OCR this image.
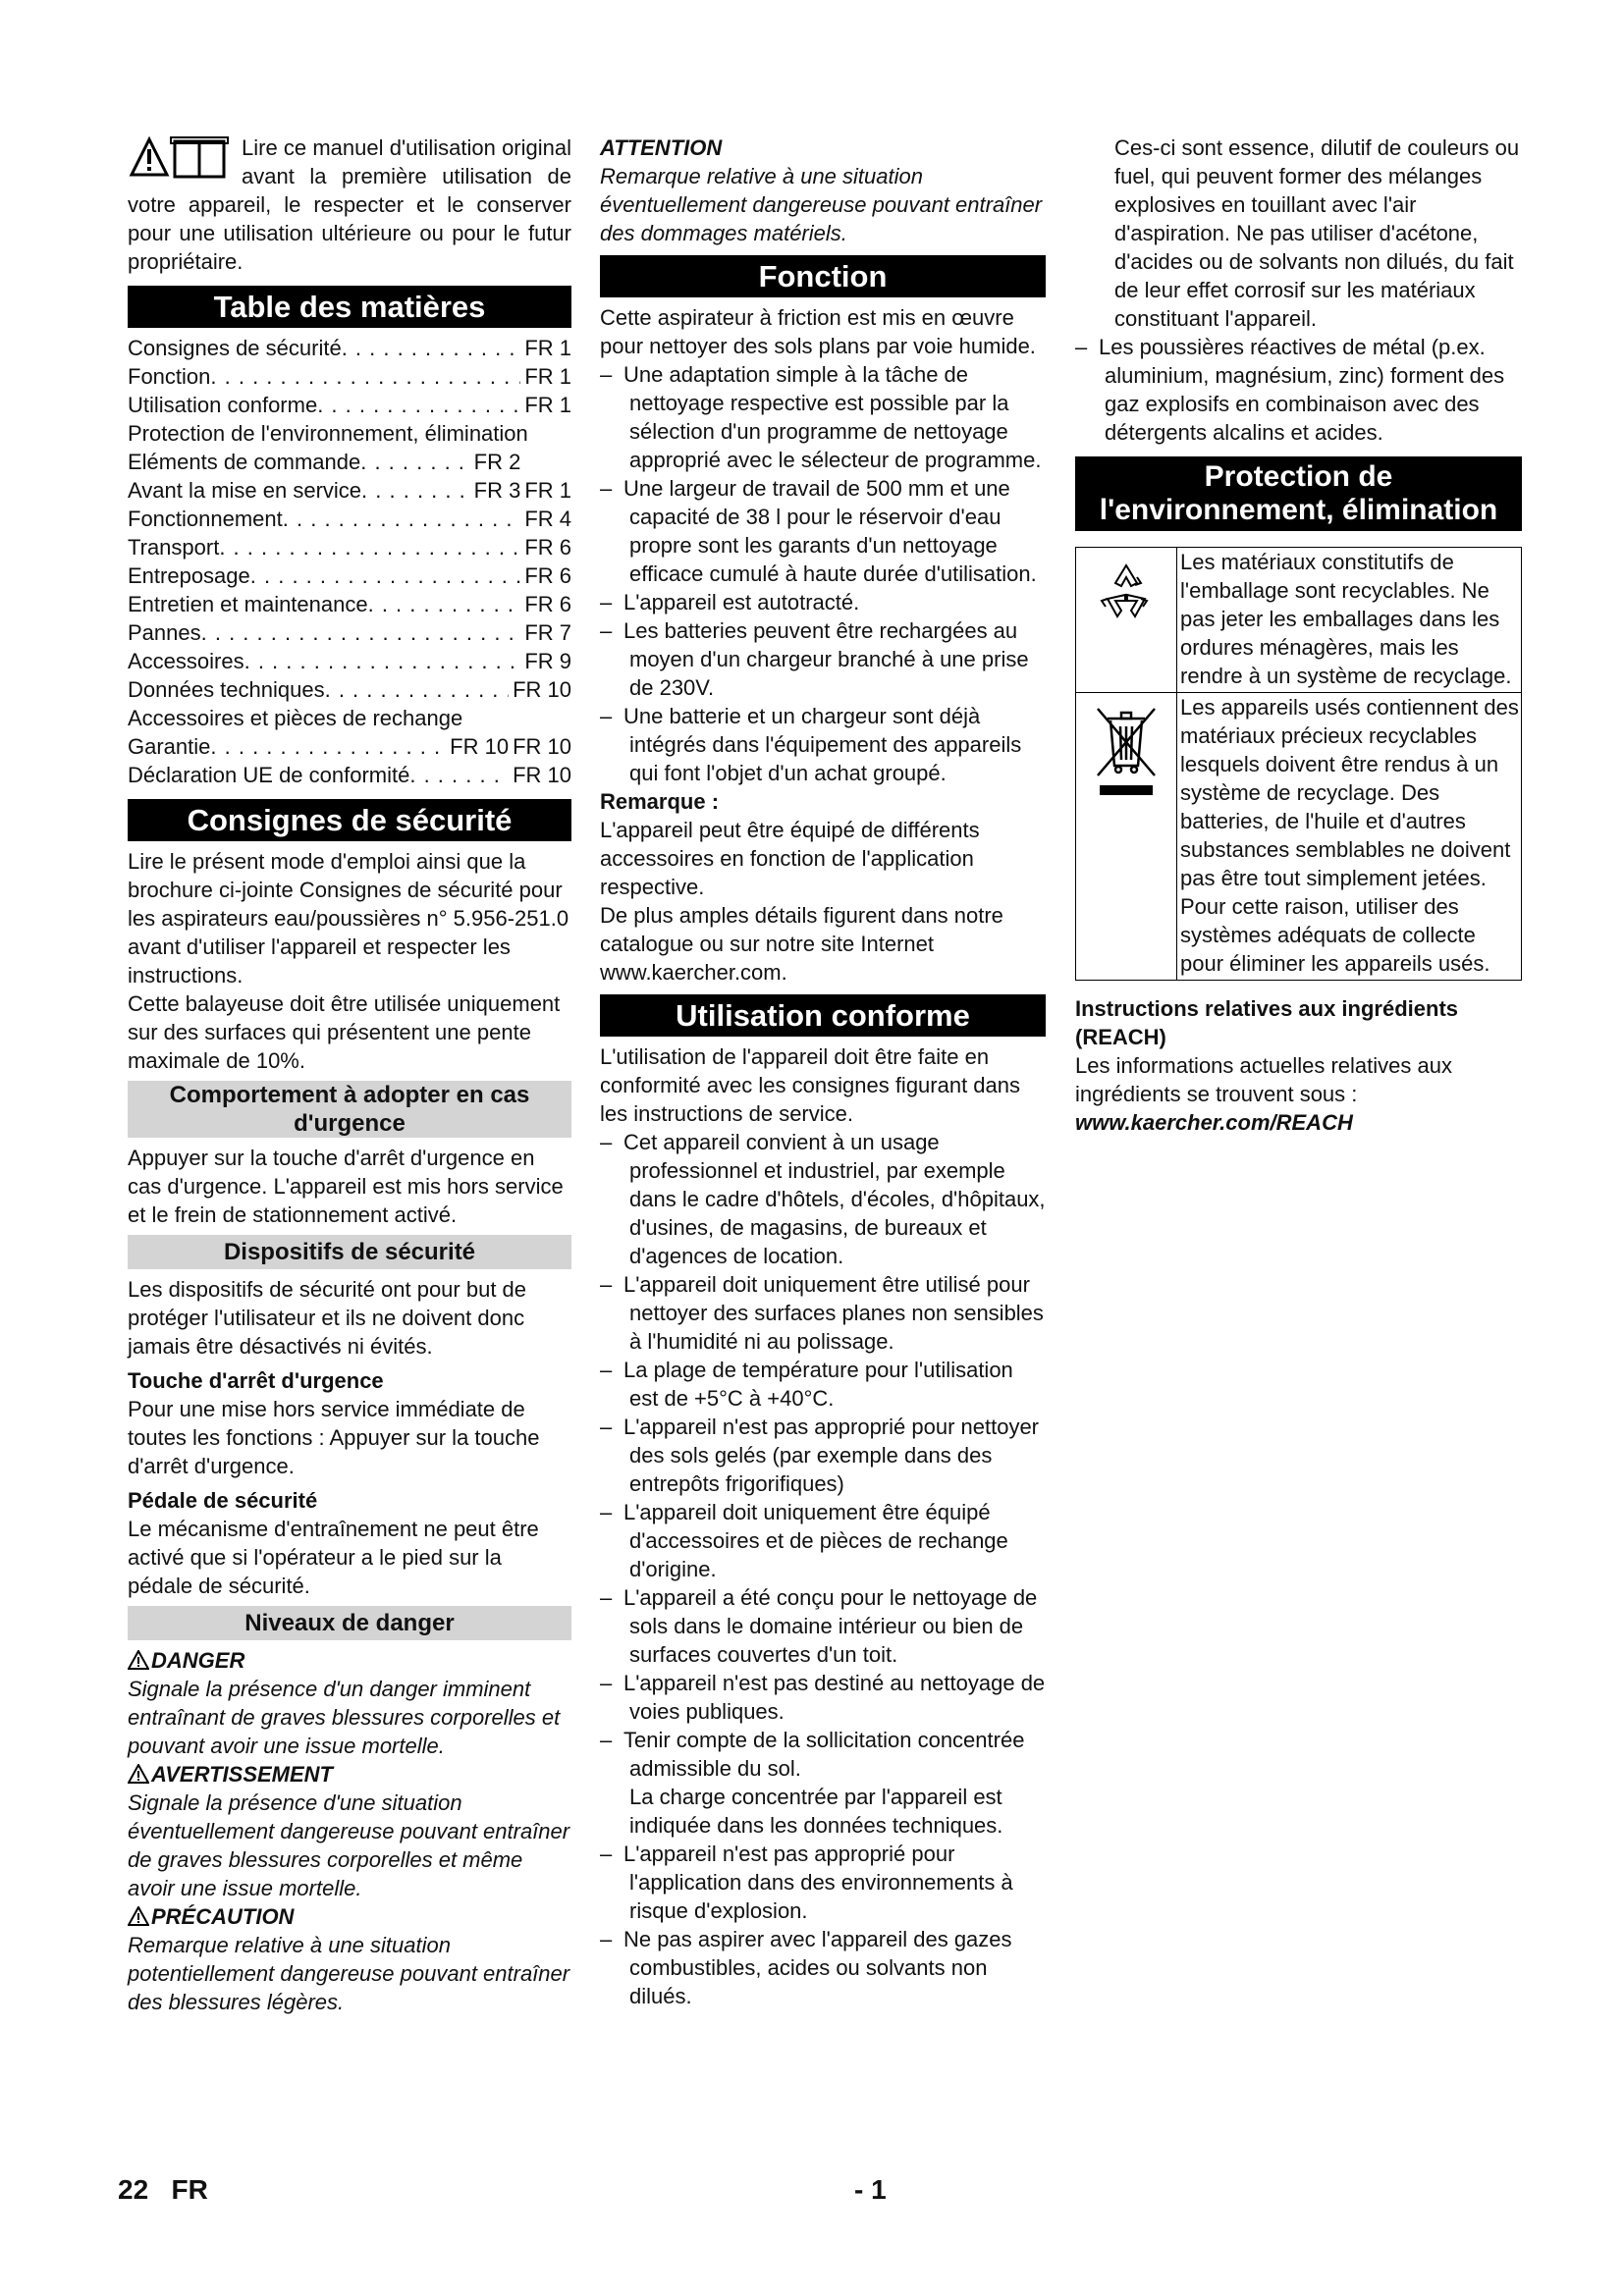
Lire ce manuel d'utilisation original avant la première utilisation de votre appareil, le respecter et le conserver pour une utilisation ultérieure ou pour le futur propriétaire.

Table des matières
Consignes de sécurité . . .	FR 1
Fonction . . .	FR 1
Utilisation conforme . . .	FR 1
Protection de l'environnement, élimination
FR 1
Eléments de commande . . .	FR 2
Avant la mise en service . . .	FR 3
Fonctionnement . . .	FR 4
Transport . . .	FR 6
Entreposage . . .	FR 6
Entretien et maintenance . . .	FR 6
Pannes . . .	FR 7
Accessoires . . .	FR 9
Données techniques . . .	FR 10
Accessoires et pièces de rechange
FR 10
Garantie . . .	FR 10
Déclaration UE de conformité . . .	FR 10
Consignes de sécurité

Lire le présent mode d'emploi ainsi que la brochure ci-jointe Consignes de sécurité pour les aspirateurs eau/poussières n° 5.956-251.0 avant d'utiliser l'appareil et respecter les instructions.

Cette balayeuse doit être utilisée uniquement sur des surfaces qui présentent une pente maximale de 10%.

Comportement à adopter en cas d'urgence

Appuyer sur la touche d'arrêt d'urgence en cas d'urgence. L'appareil est mis hors service et le frein de stationnement activé.

Dispositifs de sécurité

Les dispositifs de sécurité ont pour but de protéger l'utilisateur et ils ne doivent donc jamais être désactivés ni évités.

Touche d'arrêt d'urgence

Pour une mise hors service immédiate de toutes les fonctions : Appuyer sur la touche d'arrêt d'urgence.

Pédale de sécurité

Le mécanisme d'entraînement ne peut être activé que si l'opérateur a le pied sur la pédale de sécurité.

Niveaux de danger

DANGER

Signale la présence d'un danger imminent entraînant de graves blessures corporelles et pouvant avoir une issue mortelle.

AVERTISSEMENT

Signale la présence d'une situation éventuellement dangereuse pouvant entraîner de graves blessures corporelles et même avoir une issue mortelle.

PRÉCAUTION

Remarque relative à une situation potentiellement dangereuse pouvant entraîner des blessures légères.

ATTENTION

Remarque relative à une situation éventuellement dangereuse pouvant entraîner des dommages matériels.

Fonction

Cette aspirateur à friction est mis en œuvre pour nettoyer des sols plans par voie humide.

– Une adaptation simple à la tâche de nettoyage respective est possible par la sélection d'un programme de nettoyage approprié avec le sélecteur de programme.

– Une largeur de travail de 500 mm et une capacité de 38 l pour le réservoir d'eau propre sont les garants d'un nettoyage efficace cumulé à haute durée d'utilisation.

– L'appareil est autotracté.

– Les batteries peuvent être rechargées au moyen d'un chargeur branché à une prise de 230V.

– Une batterie et un chargeur sont déjà intégrés dans l'équipement des appareils qui font l'objet d'un achat groupé.

Remarque :

L'appareil peut être équipé de différents accessoires en fonction de l'application respective.

De plus amples détails figurent dans notre catalogue ou sur notre site Internet www.kaercher.com.

Utilisation conforme

L'utilisation de l'appareil doit être faite en conformité avec les consignes figurant dans les instructions de service.

– Cet appareil convient à un usage professionnel et industriel, par exemple dans le cadre d'hôtels, d'écoles, d'hôpitaux, d'usines, de magasins, de bureaux et d'agences de location.

– L'appareil doit uniquement être utilisé pour nettoyer des surfaces planes non sensibles à l'humidité ni au polissage.

– La plage de température pour l'utilisation est de +5°C à +40°C.

– L'appareil n'est pas approprié pour nettoyer des sols gelés (par exemple dans des entrepôts frigorifiques)

– L'appareil doit uniquement être équipé d'accessoires et de pièces de rechange d'origine.

– L'appareil a été conçu pour le nettoyage de sols dans le domaine intérieur ou bien de surfaces couvertes d'un toit.

– L'appareil n'est pas destiné au nettoyage de voies publiques.

– Tenir compte de la sollicitation concentrée admissible du sol.

La charge concentrée par l'appareil est indiquée dans les données techniques.

– L'appareil n'est pas approprié pour l'application dans des environnements à risque d'explosion.

– Ne pas aspirer avec l'appareil des gazes combustibles, acides ou solvants non dilués.

Ces-ci sont essence, dilutif de couleurs ou fuel, qui peuvent former des mélanges explosives en touillant avec l'air d'aspiration. Ne pas utiliser d'acétone, d'acides ou de solvants non dilués, du fait de leur effet corrosif sur les matériaux constituant l'appareil.

– Les poussières réactives de métal (p.ex. aluminium, magnésium, zinc) forment des gaz explosifs en combinaison avec des détergents alcalins et acides.

Protection de
l'environnement, élimination
	Les matériaux constitutifs de l'emballage sont recyclables. Ne pas jeter les emballages dans les ordures ménagères, mais les rendre à un système de recyclage.
	Les appareils usés contiennent des matériaux précieux recyclables lesquels doivent être rendus à un système de recyclage. Des batteries, de l'huile et d'autres substances semblables ne doivent pas être tout simplement jetées. Pour cette raison, utiliser des systèmes adéquats de collecte pour éliminer les appareils usés.

Instructions relatives aux ingrédients (REACH)

Les informations actuelles relatives aux ingrédients se trouvent sous :

www.kaercher.com/REACH

22   FR	- 1
